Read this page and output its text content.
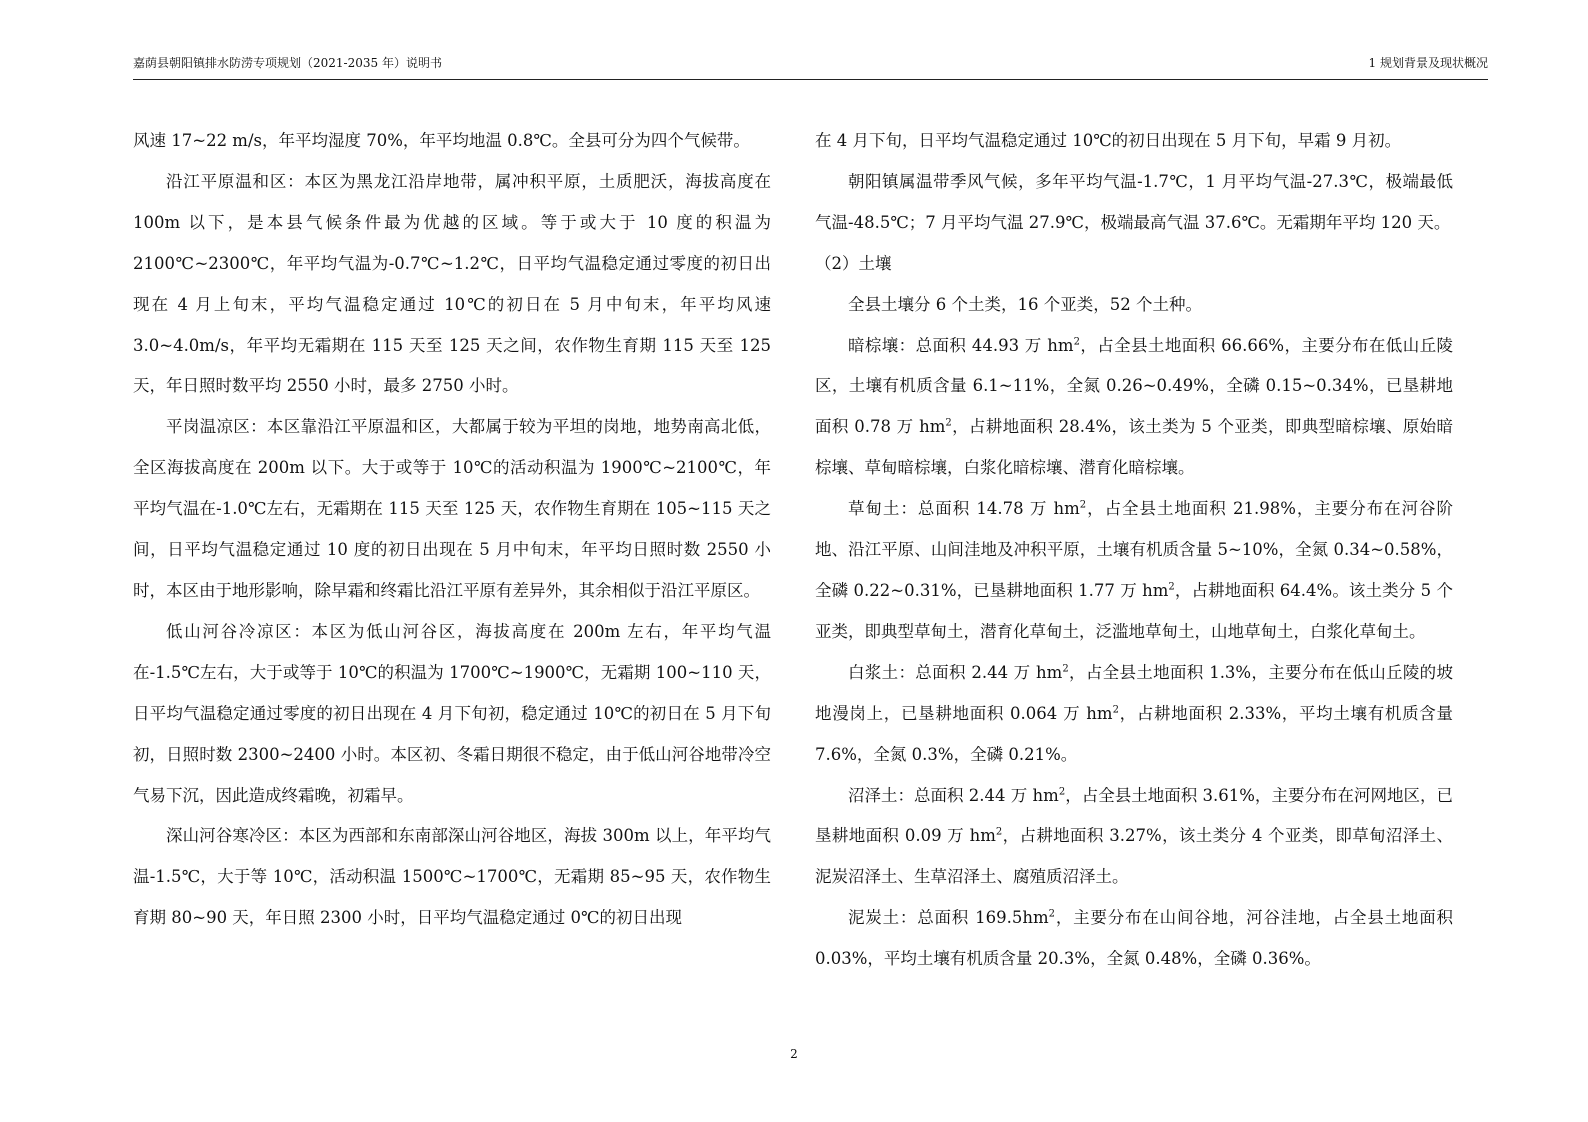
嘉荫县朝阳镇排水防涝专项规划（2021-2035 年）说明书	1 规划背景及现状概况

风速 17~22 m/s，年平均湿度 70%，年平均地温 0.8℃。全县可分为四个气候带。

沿江平原温和区：本区为黑龙江沿岸地带，属冲积平原，土质肥沃，海拔高度在 100m 以下，是本县气候条件最为优越的区域。等于或大于 10 度的积温为 2100℃~2300℃，年平均气温为-0.7℃~1.2℃，日平均气温稳定通过零度的初日出现在 4 月上旬末，平均气温稳定通过 10℃的初日在 5 月中旬末，年平均风速 3.0~4.0m/s，年平均无霜期在 115 天至 125 天之间，农作物生育期 115 天至 125 天，年日照时数平均 2550 小时，最多 2750 小时。

平岗温凉区：本区靠沿江平原温和区，大都属于较为平坦的岗地，地势南高北低，全区海拔高度在 200m 以下。大于或等于 10℃的活动积温为 1900℃~2100℃，年平均气温在-1.0℃左右，无霜期在 115 天至 125 天，农作物生育期在 105~115 天之间，日平均气温稳定通过 10 度的初日出现在 5 月中旬末，年平均日照时数 2550 小时，本区由于地形影响，除早霜和终霜比沿江平原有差异外，其余相似于沿江平原区。

低山河谷冷凉区：本区为低山河谷区，海拔高度在 200m 左右，年平均气温在-1.5℃左右，大于或等于 10℃的积温为 1700℃~1900℃，无霜期 100~110 天，日平均气温稳定通过零度的初日出现在 4 月下旬初，稳定通过 10℃的初日在 5 月下旬初，日照时数 2300~2400 小时。本区初、冬霜日期很不稳定，由于低山河谷地带冷空气易下沉，因此造成终霜晚，初霜早。

深山河谷寒冷区：本区为西部和东南部深山河谷地区，海拔 300m 以上，年平均气温-1.5℃，大于等 10℃，活动积温 1500℃~1700℃，无霜期 85~95 天，农作物生育期 80~90 天，年日照 2300 小时，日平均气温稳定通过 0℃的初日出现

在 4 月下旬，日平均气温稳定通过 10℃的初日出现在 5 月下旬，早霜 9 月初。

朝阳镇属温带季风气候，多年平均气温-1.7℃，1 月平均气温-27.3℃，极端最低气温-48.5℃；7 月平均气温 27.9℃，极端最高气温 37.6℃。无霜期年平均 120 天。

（2）土壤

全县土壤分 6 个土类，16 个亚类，52 个土种。

暗棕壤：总面积 44.93 万 $hm^2$，占全县土地面积 66.66%，主要分布在低山丘陵区，土壤有机质含量 6.1~11%，全氮 0.26~0.49%，全磷 0.15~0.34%，已垦耕地面积 0.78 万 $hm^2$，占耕地面积 28.4%，该土类为 5 个亚类，即典型暗棕壤、原始暗棕壤、草甸暗棕壤，白浆化暗棕壤、潜育化暗棕壤。

草甸土：总面积 14.78 万 $hm^2$，占全县土地面积 21.98%，主要分布在河谷阶地、沿江平原、山间洼地及冲积平原，土壤有机质含量 5~10%，全氮 0.34~0.58%，全磷 0.22~0.31%，已垦耕地面积 1.77 万 $hm^2$，占耕地面积 64.4%。该土类分 5 个亚类，即典型草甸土，潜育化草甸土，泛滥地草甸土，山地草甸土，白浆化草甸土。

白浆土：总面积 2.44 万 $hm^2$，占全县土地面积 1.3%，主要分布在低山丘陵的坡地漫岗上，已垦耕地面积 0.064 万 $hm^2$，占耕地面积 2.33%，平均土壤有机质含量 7.6%，全氮 0.3%，全磷 0.21%。

沼泽土：总面积 2.44 万 $hm^2$，占全县土地面积 3.61%，主要分布在河网地区，已垦耕地面积 0.09 万 $hm^2$，占耕地面积 3.27%，该土类分 4 个亚类，即草甸沼泽土、泥炭沼泽土、生草沼泽土、腐殖质沼泽土。

泥炭土：总面积 $169.5hm^2$，主要分布在山间谷地，河谷洼地，占全县土地面积 0.03%，平均土壤有机质含量 20.3%，全氮 0.48%，全磷 0.36%。

2
